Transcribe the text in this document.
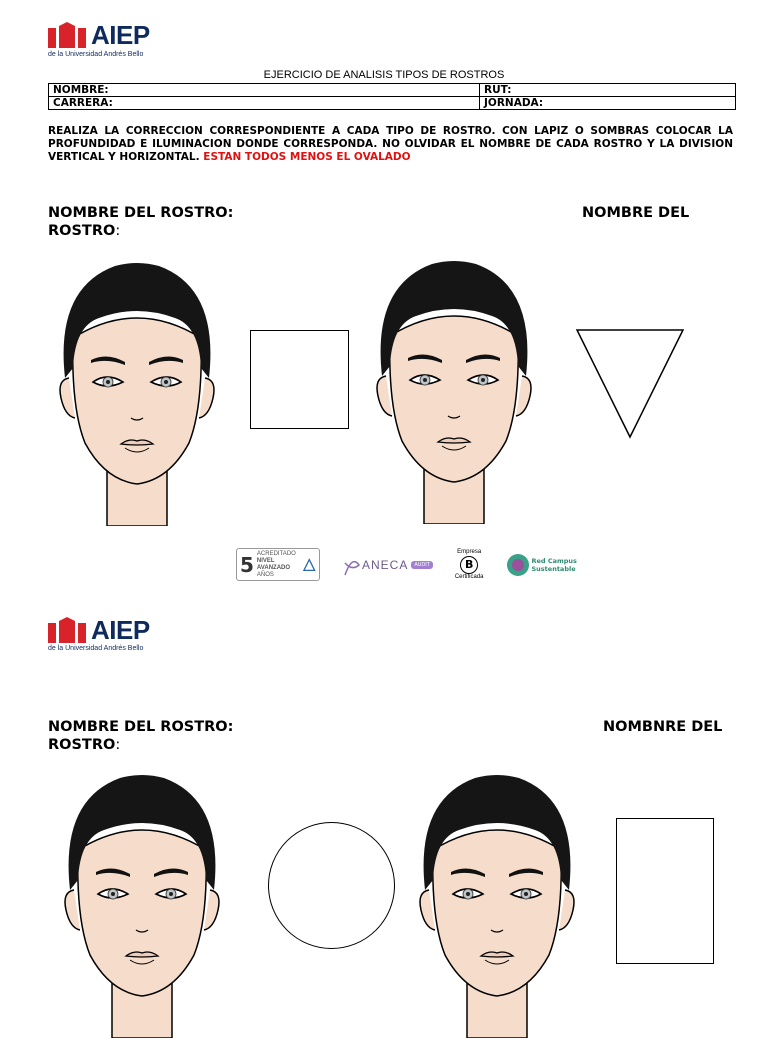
AIEP
de la Universidad Andrés Bello
EJERCICIO DE ANALISIS TIPOS DE ROSTROS
NOMBRE:	RUT:
CARRERA:	JORNADA:
REALIZA LA CORRECCION CORRESPONDIENTE A CADA TIPO DE ROSTRO. CON LAPIZ O SOMBRAS COLOCAR LA PROFUNDIDAD E ILUMINACION DONDE CORRESPONDA. NO OLVIDAR EL NOMBRE DE CADA ROSTRO Y LA DIVISION VERTICAL Y HORIZONTAL. ESTAN TODOS MENOS EL OVALADO
NOMBRE DEL ROSTRO:
ROSTRO:
NOMBRE DEL
5 ACREDITADO
NIVEL AVANZADO
AÑOS
ANECA	AUDIT
Empresa
B
Certificada
Red Campus
Sustentable
AIEP
de la Universidad Andrés Bello
NOMBRE DEL ROSTRO:
ROSTRO:
NOMBNRE DEL
